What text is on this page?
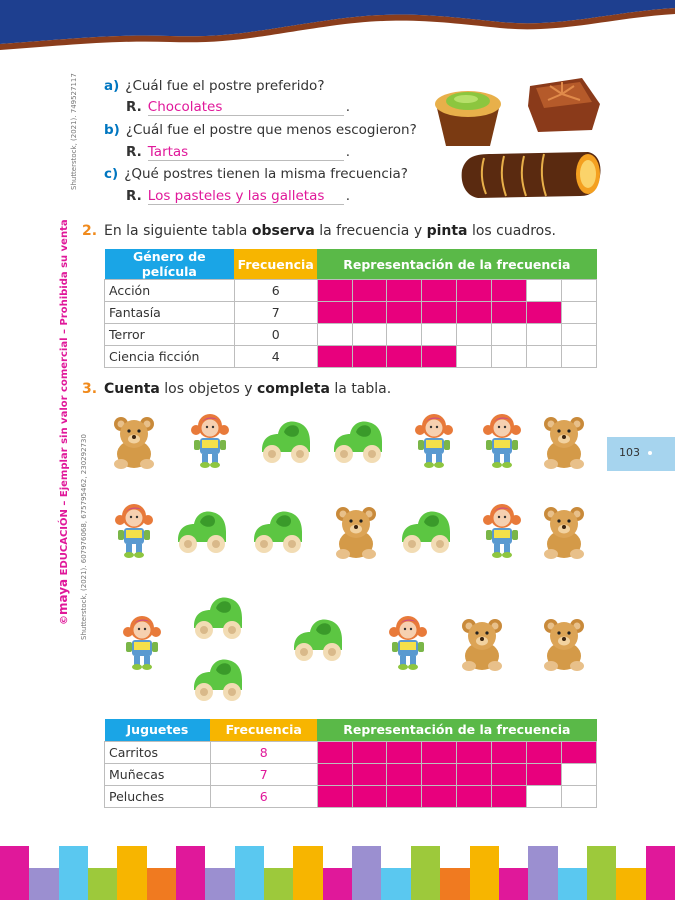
Shutterstock, (2021). 749527117
Shutterstock, (2021). 607976068, 675795462, 230292730
©maya EDUCACIÓN – Ejemplar sin valor comercial – Prohibida su venta
a) ¿Cuál fue el postre preferido?
R. Chocolates	.
b) ¿Cuál fue el postre que menos escogieron?
R. Tartas	.
c) ¿Qué postres tienen la misma frecuencia?
R. Los pasteles y las galletas .
2. En la siguiente tabla observa la frecuencia y pinta los cuadros.
Género de película	Frecuencia	Representación de la frecuencia							
Acción	6								
Fantasía	7								
Terror	0								
Ciencia ficción	4								
103
3. Cuenta los objetos y completa la tabla.
Juguetes	Frecuencia	Representación de la frecuencia							
Carritos	8								
Muñecas	7								
Peluches	6								
